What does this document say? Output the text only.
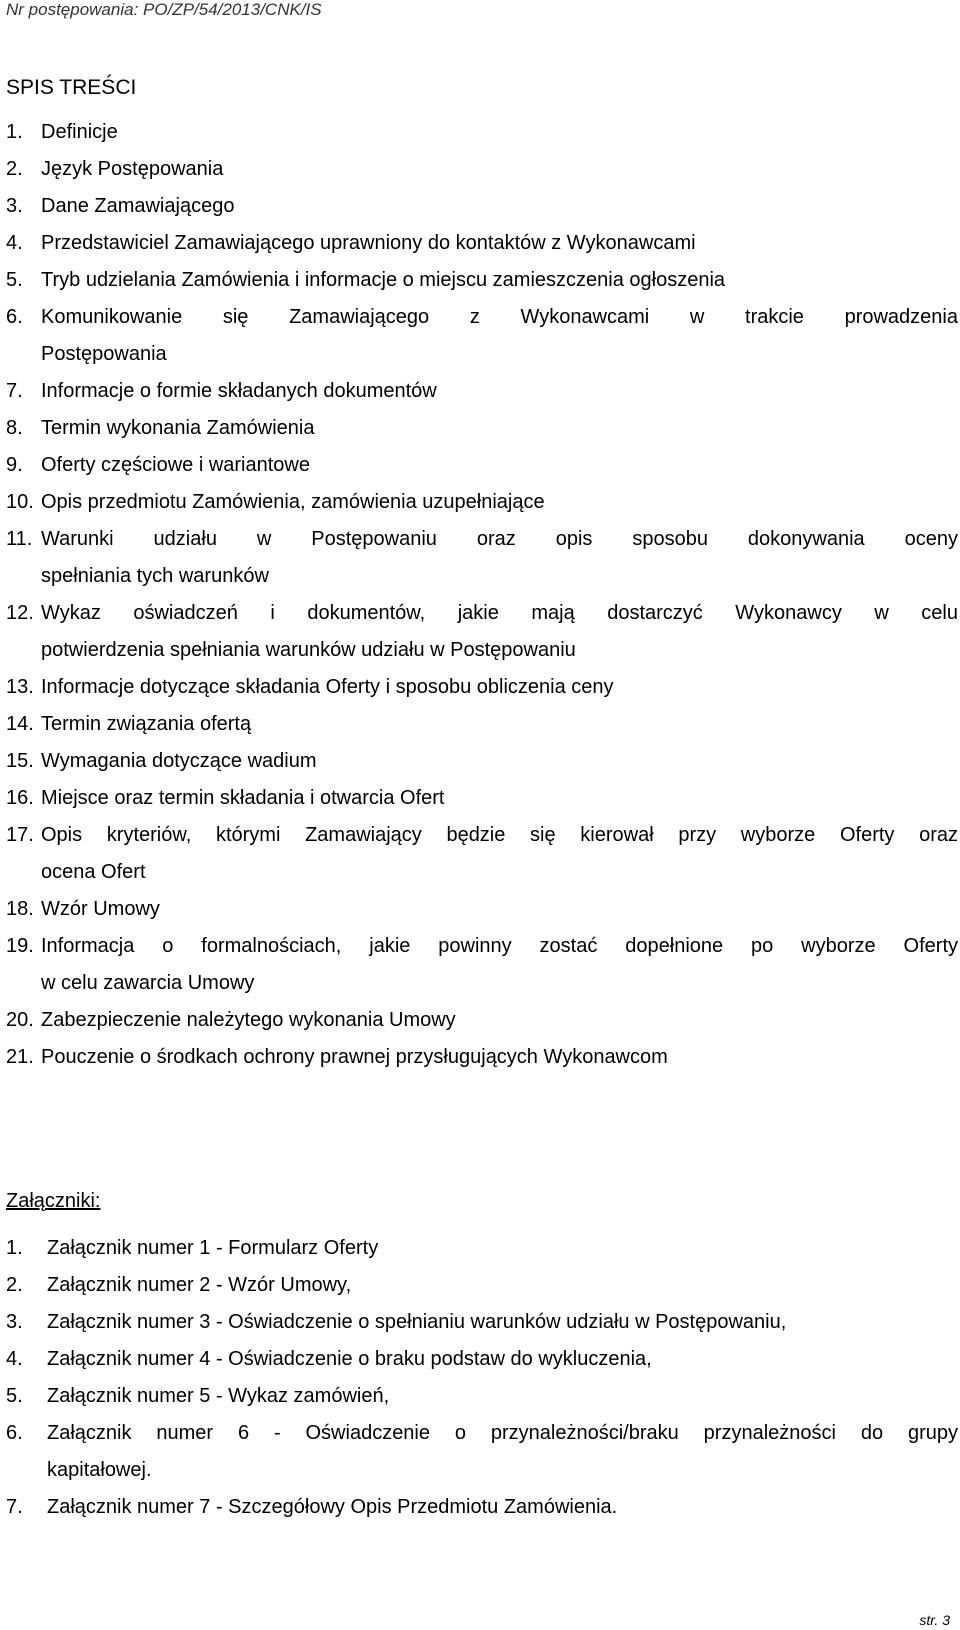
Nr postępowania: PO/ZP/54/2013/CNK/IS
SPIS TREŚCI
1. Definicje
2. Język Postępowania
3. Dane Zamawiającego
4. Przedstawiciel Zamawiającego uprawniony do kontaktów z Wykonawcami
5. Tryb udzielania Zamówienia i informacje o miejscu zamieszczenia ogłoszenia
6. Komunikowanie się Zamawiającego z Wykonawcami w trakcie prowadzenia
Postępowania
7. Informacje o formie składanych dokumentów
8. Termin wykonania Zamówienia
9. Oferty częściowe i wariantowe
10. Opis przedmiotu Zamówienia, zamówienia uzupełniające
11. Warunki udziału w Postępowaniu oraz opis sposobu dokonywania oceny
spełniania tych warunków
12. Wykaz oświadczeń i dokumentów, jakie mają dostarczyć Wykonawcy w celu
potwierdzenia spełniania warunków udziału w Postępowaniu
13. Informacje dotyczące składania Oferty i sposobu obliczenia ceny
14. Termin związania ofertą
15. Wymagania dotyczące wadium
16. Miejsce oraz termin składania i otwarcia Ofert
17. Opis kryteriów, którymi Zamawiający będzie się kierował przy wyborze Oferty oraz
ocena Ofert
18. Wzór Umowy
19. Informacja o formalnościach, jakie powinny zostać dopełnione po wyborze Oferty
w celu zawarcia Umowy
20. Zabezpieczenie należytego wykonania Umowy
21. Pouczenie o środkach ochrony prawnej przysługujących Wykonawcom
Załączniki:
1.	Załącznik numer 1 - Formularz Oferty
2.	Załącznik numer 2 - Wzór Umowy,
3.	Załącznik numer 3 - Oświadczenie o spełnianiu warunków udziału w Postępowaniu,
4.	Załącznik numer 4 - Oświadczenie o braku podstaw do wykluczenia,
5.	Załącznik numer 5 - Wykaz zamówień,
6.	Załącznik numer 6 - Oświadczenie o przynależności/braku przynależności do grupy
kapitałowej.
7.	Załącznik numer 7 - Szczegółowy Opis Przedmiotu Zamówienia.
str. 3
